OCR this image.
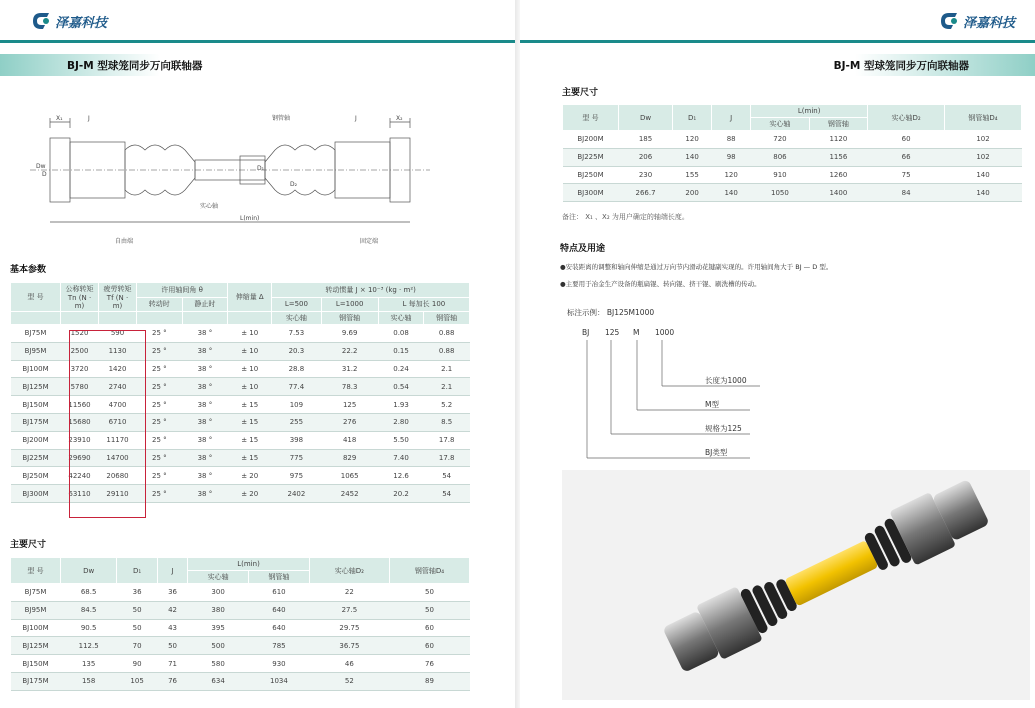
泽嘉科技
BJ-M 型球笼同步万向联轴器
X₁	J	J	X₂
钢管轴
Dw
D
D₁
D₂
实心轴
L(min)
自由端	固定端
基本参数
型 号	公称转矩 Tn (N · m)	疲劳转矩 Tf (N · m)	许用轴间角 θ		伸缩量 Δ	转动惯量 J × 10⁻³ (kg · m²)			
			转动时	静止时		L=500	L=1000	L 每加长 100	
						实心轴	钢管轴	实心轴	钢管轴
BJ75M	1520	590	25 °	38 °	± 10	7.53	9.69	0.08	0.88
BJ95M	2500	1130	25 °	38 °	± 10	20.3	22.2	0.15	0.88
BJ100M	3720	1420	25 °	38 °	± 10	28.8	31.2	0.24	2.1
BJ125M	5780	2740	25 °	38 °	± 10	77.4	78.3	0.54	2.1
BJ150M	11560	4700	25 °	38 °	± 15	109	125	1.93	5.2
BJ175M	15680	6710	25 °	38 °	± 15	255	276	2.80	8.5
BJ200M	23910	11170	25 °	38 °	± 15	398	418	5.50	17.8
BJ225M	29690	14700	25 °	38 °	± 15	775	829	7.40	17.8
BJ250M	42240	20680	25 °	38 °	± 20	975	1065	12.6	54
BJ300M	63110	29110	25 °	38 °	± 20	2402	2452	20.2	54
主要尺寸
型 号	Dw	D₁	J	L(min)		实心轴D₂	钢管轴D₄
				实心轴	钢管轴		
BJ75M	68.5	36	36	300	610	22	50
BJ95M	84.5	50	42	380	640	27.5	50
BJ100M	90.5	50	43	395	640	29.75	60
BJ125M	112.5	70	50	500	785	36.75	60
BJ150M	135	90	71	580	930	46	76
BJ175M	158	105	76	634	1034	52	89
泽嘉科技
BJ-M 型球笼同步万向联轴器
主要尺寸
型 号	Dw	D₁	J	L(min)		实心轴D₂	钢管轴D₄
				实心轴	钢管轴		
BJ200M	185	120	88	720	1120	60	102
BJ225M	206	140	98	806	1156	66	102
BJ250M	230	155	120	910	1260	75	140
BJ300M	266.7	200	140	1050	1400	84	140
备注： X₁ 、X₂ 为用户确定的轴端长度。
特点及用途
●安装距离的调整和轴向伸缩是通过万向节内滑动花键副实现的。许用轴间角大于 BJ — D 型。
●主要用于冶金生产设备的瓶扁锟、转向锟、挤干锟、刷洗槽的传动。
标注示例： BJ125M1000
BJ 125 M 1000
长度为1000
M型
规格为125
BJ类型
